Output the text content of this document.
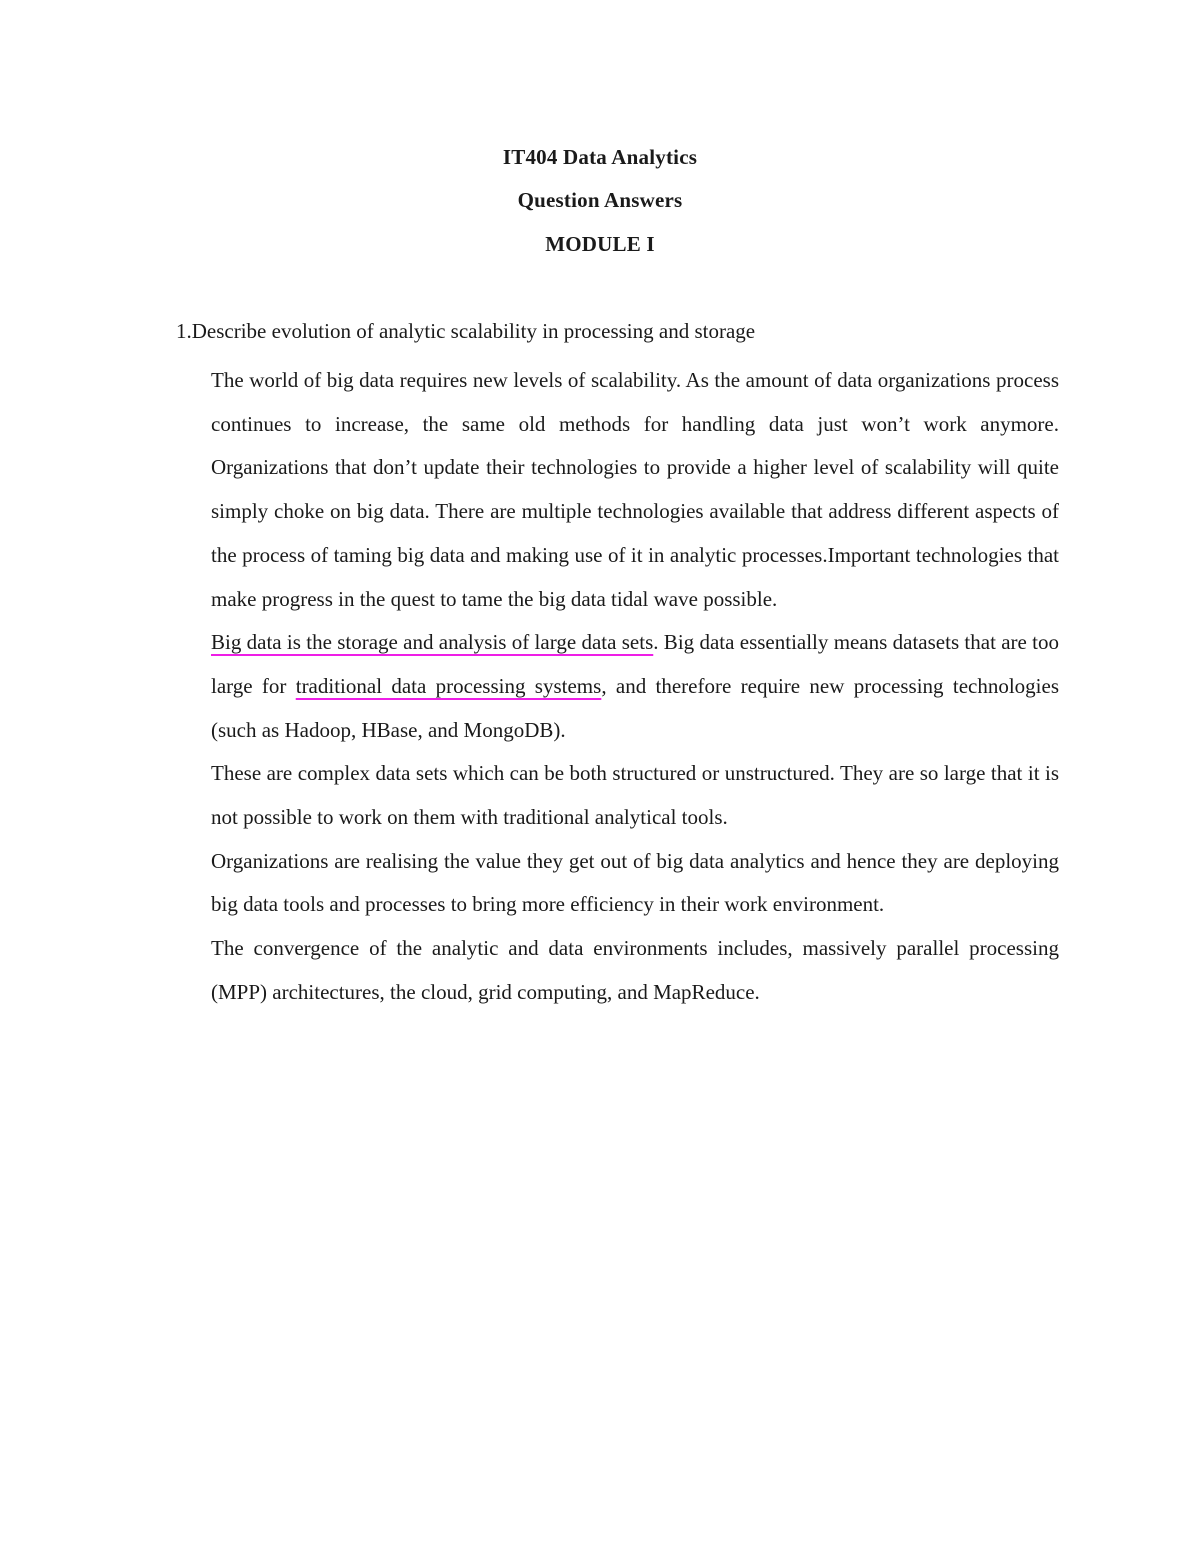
IT404 Data Analytics
Question Answers
MODULE I
1.Describe evolution of analytic scalability in processing and storage

The world of big data requires new levels of scalability. As the amount of data organizations process continues to increase, the same old methods for handling data just won’t work anymore. Organizations that don’t update their technologies to provide a higher level of scalability will quite simply choke on big data. There are multiple technologies available that address different aspects of the process of taming big data and making use of it in analytic processes.Important technologies that make progress in the quest to tame the big data tidal wave possible.

Big data is the storage and analysis of large data sets. Big data essentially means datasets that are too large for traditional data processing systems, and therefore require new processing technologies (such as Hadoop, HBase, and MongoDB).

These are complex data sets which can be both structured or unstructured. They are so large that it is not possible to work on them with traditional analytical tools.

Organizations are realising the value they get out of big data analytics and hence they are deploying big data tools and processes to bring more efficiency in their work environment.

The convergence of the analytic and data environments includes, massively parallel processing (MPP) architectures, the cloud, grid computing, and MapReduce.
